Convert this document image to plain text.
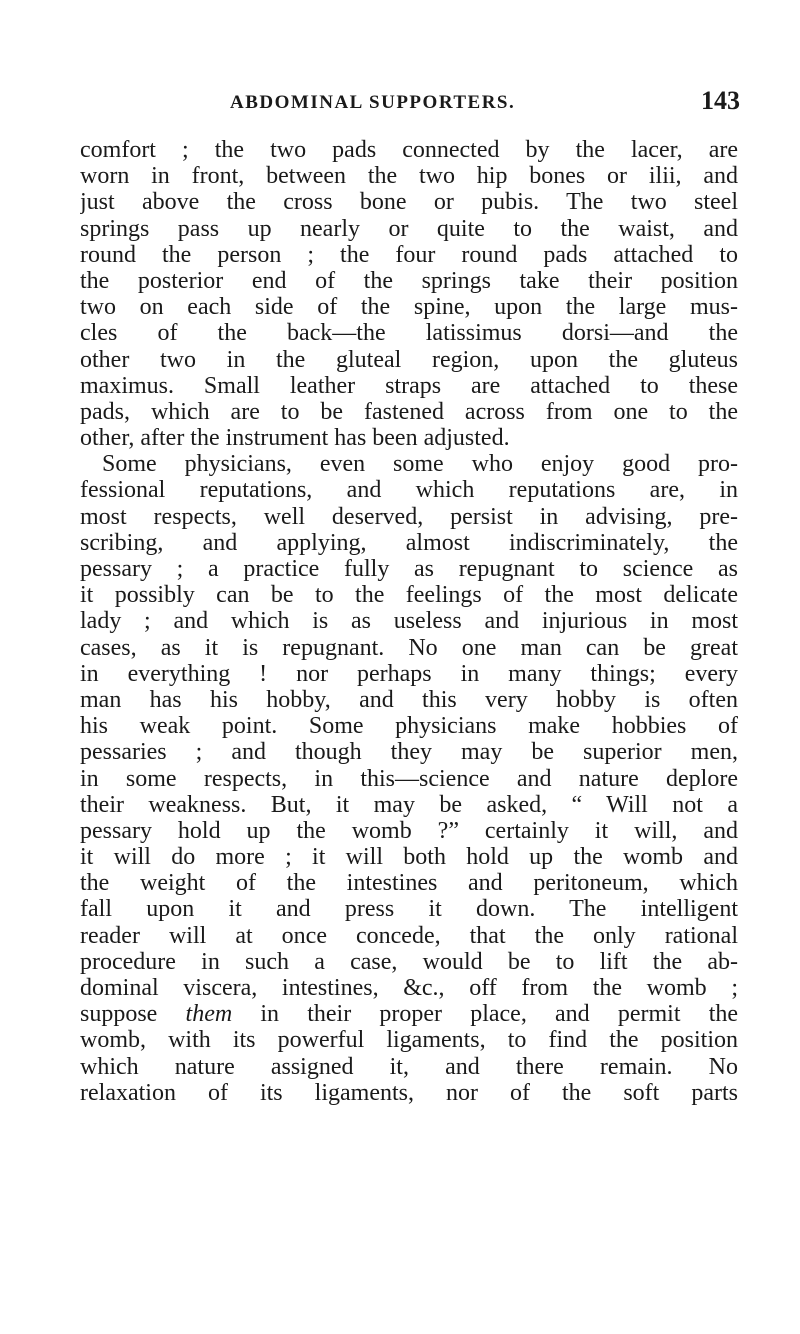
ABDOMINAL SUPPORTERS.	143
comfort ; the two pads connected by the lacer, are
worn in front, between the two hip bones or ilii, and
just above the cross bone or pubis. The two steel
springs pass up nearly or quite to the waist, and
round the person ; the four round pads attached to
the posterior end of the springs take their position
two on each side of the spine, upon the large mus-
cles of the back—the latissimus dorsi—and the
other two in the gluteal region, upon the gluteus
maximus. Small leather straps are attached to these
pads, which are to be fastened across from one to the
other, after the instrument has been adjusted.
Some physicians, even some who enjoy good pro-
fessional reputations, and which reputations are, in
most respects, well deserved, persist in advising, pre-
scribing, and applying, almost indiscriminately, the
pessary ; a practice fully as repugnant to science as
it possibly can be to the feelings of the most delicate
lady ; and which is as useless and injurious in most
cases, as it is repugnant. No one man can be great
in everything ! nor perhaps in many things; every
man has his hobby, and this very hobby is often
his weak point. Some physicians make hobbies of
pessaries ; and though they may be superior men,
in some respects, in this—science and nature deplore
their weakness. But, it may be asked, “ Will not a
pessary hold up the womb ?” certainly it will, and
it will do more ; it will both hold up the womb and
the weight of the intestines and peritoneum, which
fall upon it and press it down. The intelligent
reader will at once concede, that the only rational
procedure in such a case, would be to lift the ab-
dominal viscera, intestines, &c., off from the womb ;
suppose them in their proper place, and permit the
womb, with its powerful ligaments, to find the position
which nature assigned it, and there remain. No
relaxation of its ligaments, nor of the soft parts
